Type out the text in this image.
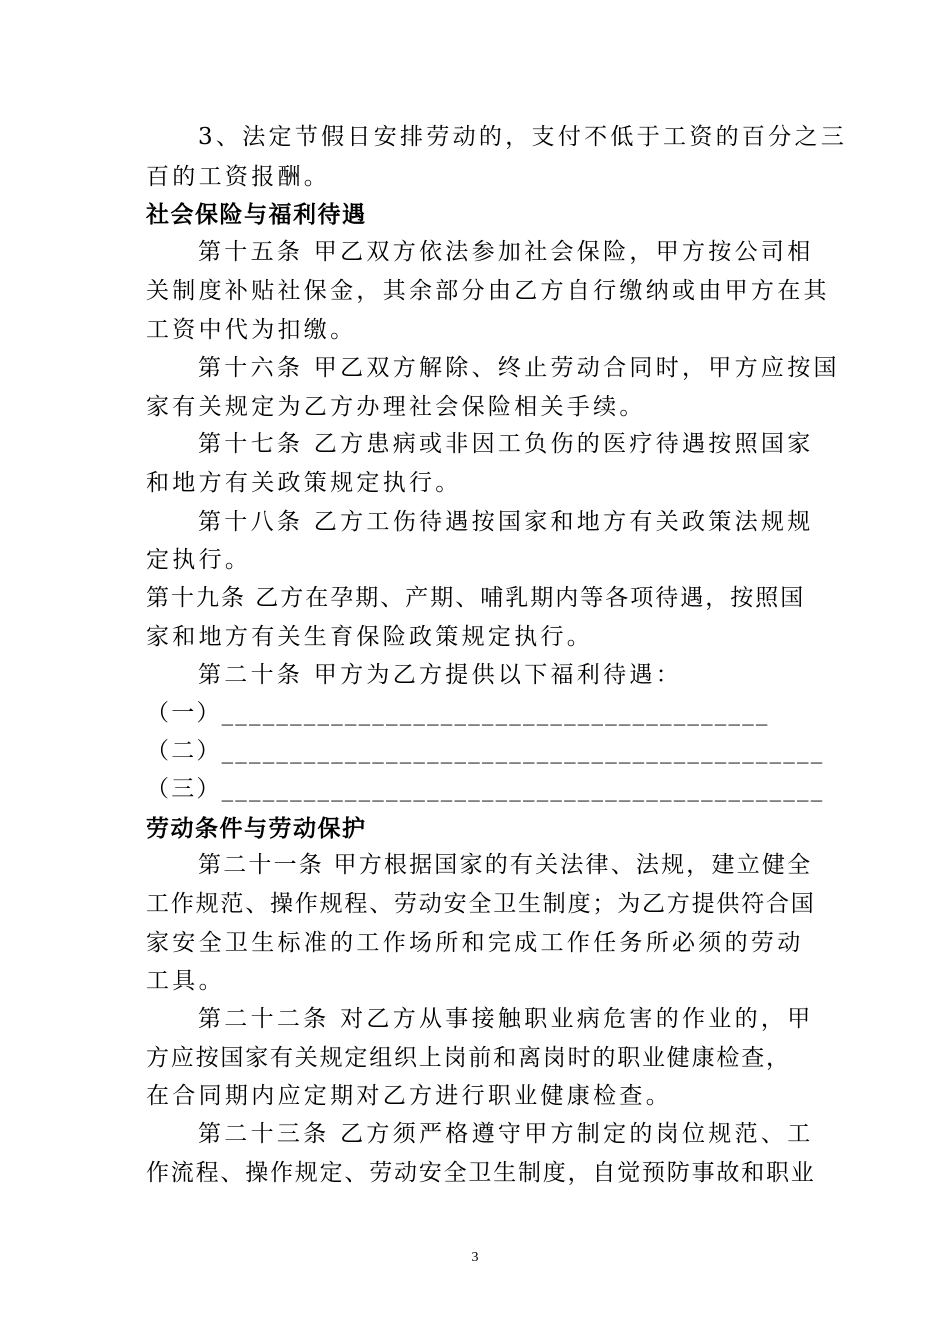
3、法定节假日安排劳动的，支付不低于工资的百分之三
百的工资报酬。
社会保险与福利待遇
第十五条 甲乙双方依法参加社会保险，甲方按公司相
关制度补贴社保金，其余部分由乙方自行缴纳或由甲方在其
工资中代为扣缴。
第十六条 甲乙双方解除、终止劳动合同时，甲方应按国
家有关规定为乙方办理社会保险相关手续。
第十七条 乙方患病或非因工负伤的医疗待遇按照国家
和地方有关政策规定执行。
第十八条 乙方工伤待遇按国家和地方有关政策法规规
定执行。
第十九条 乙方在孕期、产期、哺乳期内等各项待遇，按照国
家和地方有关生育保险政策规定执行。
第二十条 甲方为乙方提供以下福利待遇：
（一）________________________________________
（二）____________________________________________
（三）____________________________________________
劳动条件与劳动保护
第二十一条 甲方根据国家的有关法律、法规，建立健全
工作规范、操作规程、劳动安全卫生制度；为乙方提供符合国
家安全卫生标准的工作场所和完成工作任务所必须的劳动
工具。
第二十二条 对乙方从事接触职业病危害的作业的，甲
方应按国家有关规定组织上岗前和离岗时的职业健康检查，
在合同期内应定期对乙方进行职业健康检查。
第二十三条 乙方须严格遵守甲方制定的岗位规范、工
作流程、操作规定、劳动安全卫生制度，自觉预防事故和职业
3
